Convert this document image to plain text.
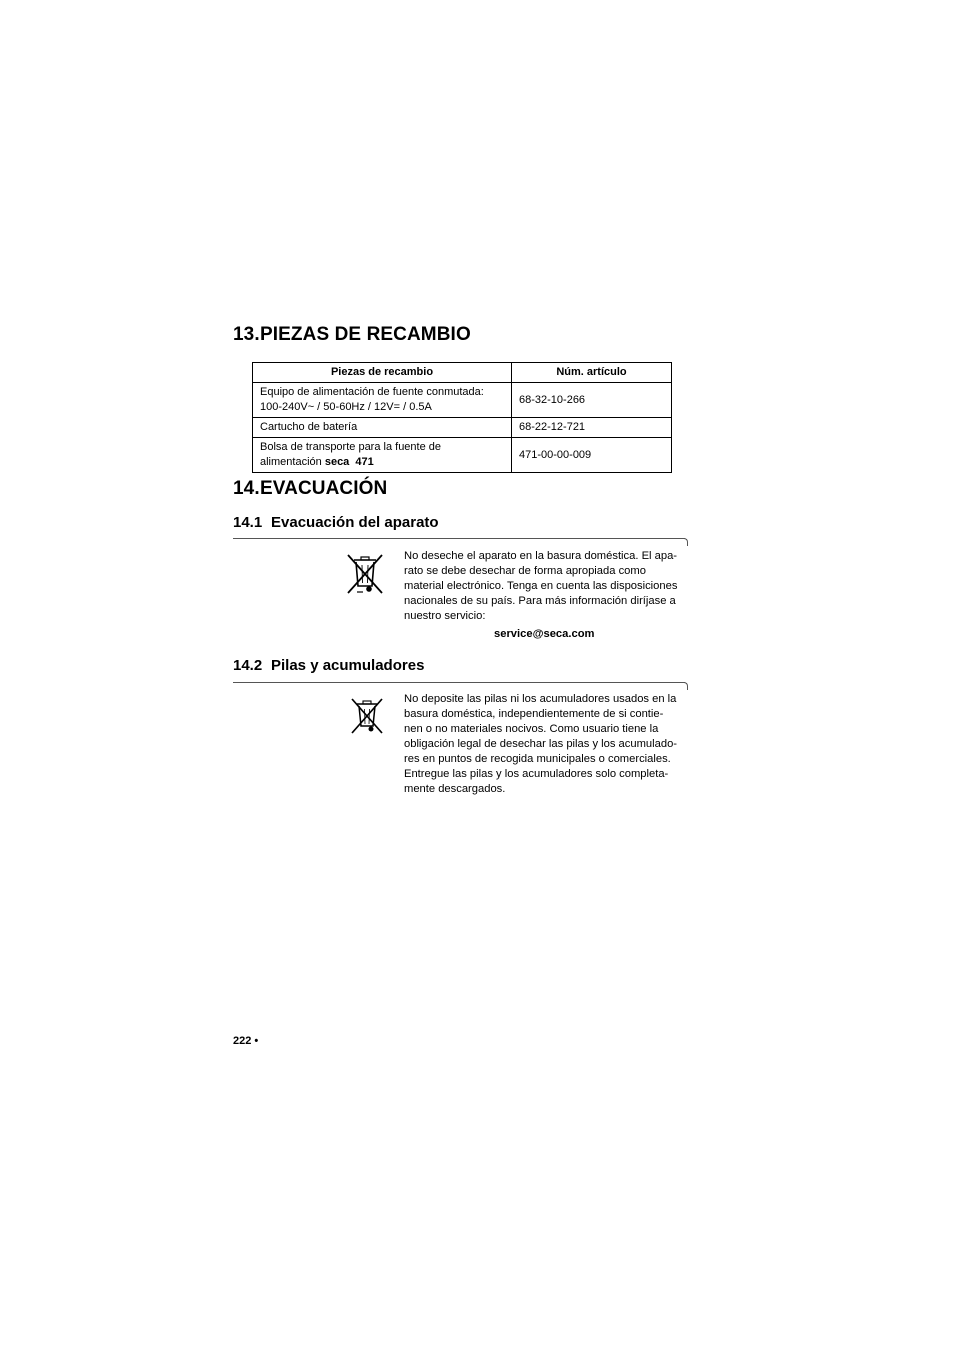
13.PIEZAS DE RECAMBIO
Piezas de recambio	Núm. artículo
Equipo de alimentación de fuente conmutada:
100-240V~ / 50-60Hz / 12V= / 0.5A	68-32-10-266
Cartucho de batería	68-22-12-721
Bolsa de transporte para la fuente de
alimentación seca  471	471-00-00-009
14.EVACUACIÓN
14.1 Evacuación del aparato

No deseche el aparato en la basura doméstica. El apa-
rato se debe desechar de forma apropiada como
material electrónico. Tenga en cuenta las disposiciones
nacionales de su país. Para más información diríjase a
nuestro servicio:

service@seca.com
14.2 Pilas y acumuladores

No deposite las pilas ni los acumuladores usados en la
basura doméstica, independientemente de si contie-
nen o no materiales nocivos. Como usuario tiene la
obligación legal de desechar las pilas y los acumulado-
res en puntos de recogida municipales o comerciales.
Entregue las pilas y los acumuladores solo completa-
mente descargados.

222 •
